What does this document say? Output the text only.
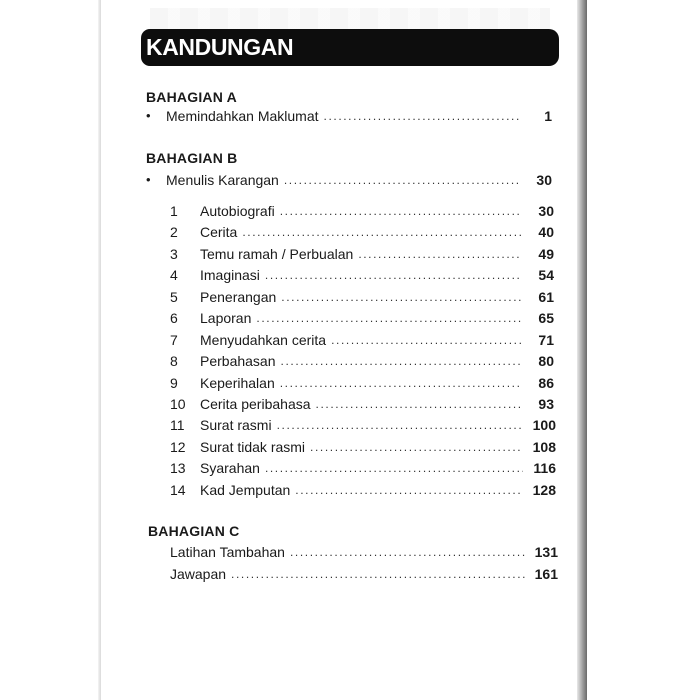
KANDUNGAN
BAHAGIAN A
•	Memindahkan Maklumat .....	1
BAHAGIAN B
•	Menulis Karangan .....	30
1	Autobiografi .....	30
2	Cerita .....	40
3	Temu ramah / Perbualan .....	49
4	Imaginasi .....	54
5	Penerangan .....	61
6	Laporan .....	65
7	Menyudahkan cerita .....	71
8	Perbahasan .....	80
9	Keperihalan .....	86
10	Cerita peribahasa .....	93
11	Surat rasmi .....	100
12	Surat tidak rasmi .....	108
13	Syarahan .....	116
14	Kad Jemputan .....	128
BAHAGIAN C
Latihan Tambahan .....	131
Jawapan .....	161
